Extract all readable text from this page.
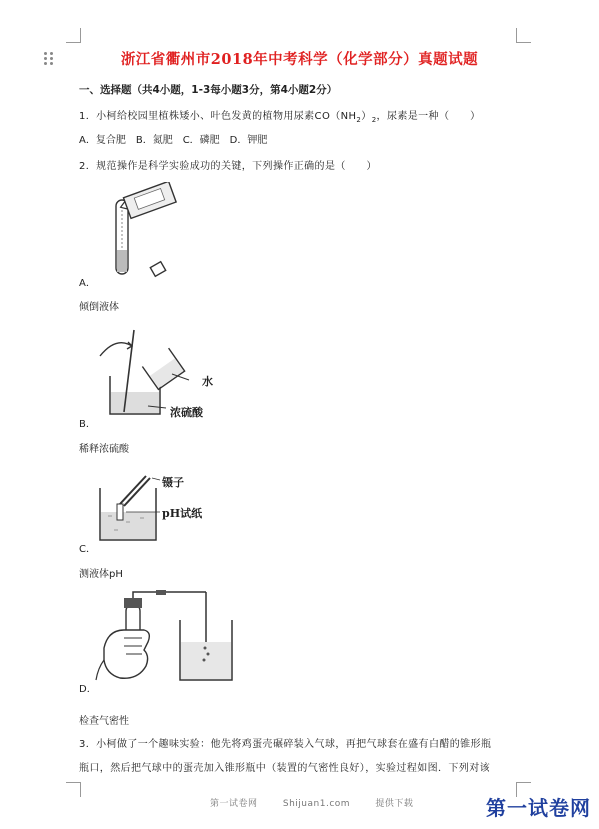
浙江省衢州市2018年中考科学（化学部分）真题试题
一、选择题（共4小题，1-3每小题3分，第4小题2分）
1．小柯给校园里植株矮小、叶色发黄的植物用尿素$CO(NH_2)_2$，尿素是一种（　　）
A．复合肥　B．氮肥　C．磷肥　D．钾肥
2．规范操作是科学实验成功的关键，下列操作正确的是（　　）
A．
倾倒液体
水
浓硫酸
B．
稀释浓硫酸
镊子
pH试纸
C．
测液体pH
D．
检查气密性
3．小柯做了一个趣味实验：他先将鸡蛋壳碾碎装入气球，再把气球套在盛有白醋的锥形瓶
瓶口，然后把气球中的蛋壳加入锥形瓶中（装置的气密性良好），实验过程如图．下列对该
第一试卷网	Shijuan1.com	提供下载	第一试卷网
